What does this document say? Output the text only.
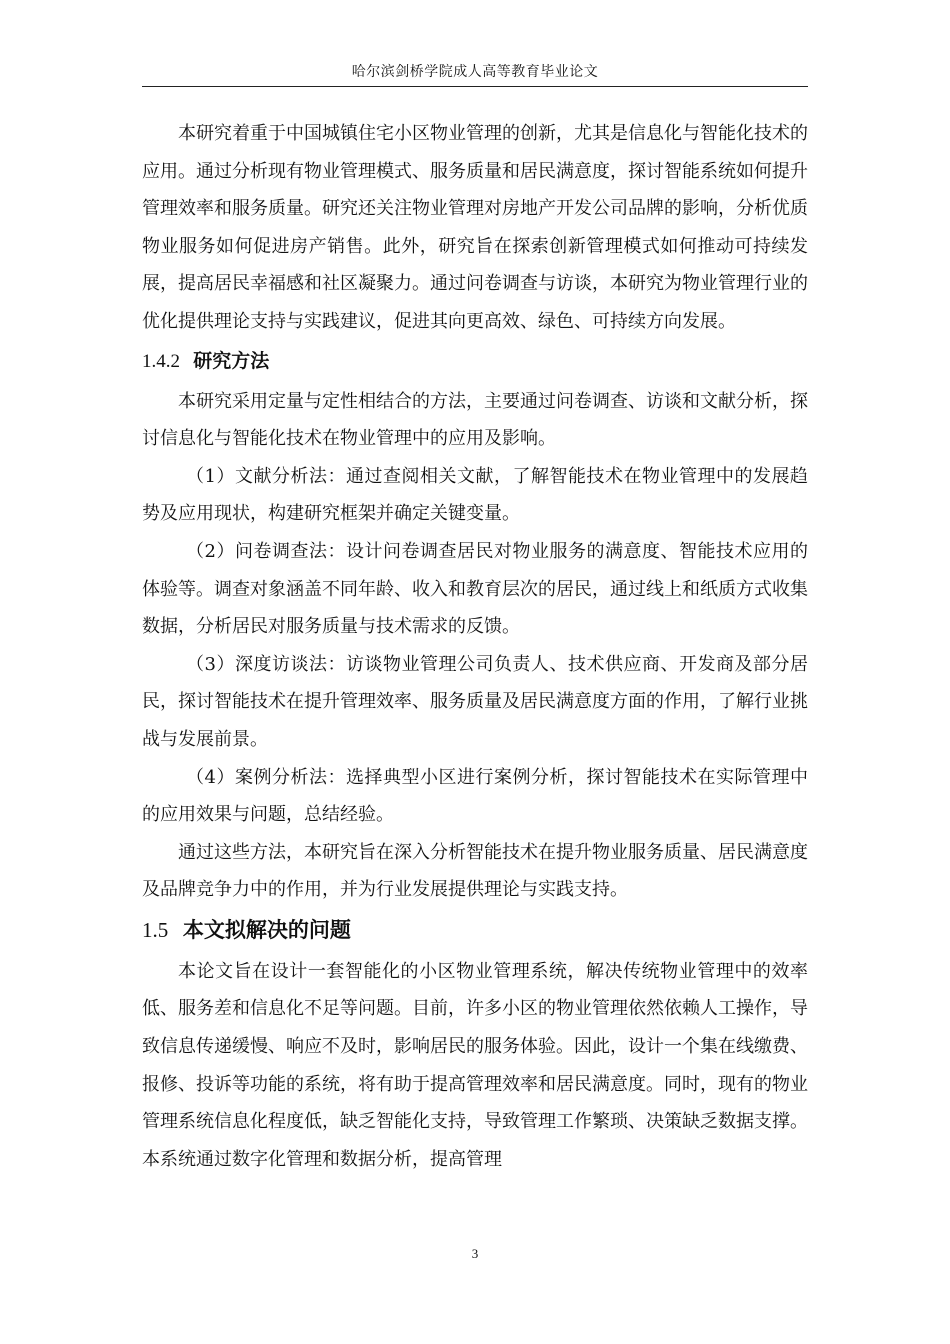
哈尔滨剑桥学院成人高等教育毕业论文

本研究着重于中国城镇住宅小区物业管理的创新，尤其是信息化与智能化技术的应用。通过分析现有物业管理模式、服务质量和居民满意度，探讨智能系统如何提升管理效率和服务质量。研究还关注物业管理对房地产开发公司品牌的影响，分析优质物业服务如何促进房产销售。此外，研究旨在探索创新管理模式如何推动可持续发展，提高居民幸福感和社区凝聚力。通过问卷调查与访谈，本研究为物业管理行业的优化提供理论支持与实践建议，促进其向更高效、绿色、可持续方向发展。

1.4.2 研究方法

本研究采用定量与定性相结合的方法，主要通过问卷调查、访谈和文献分析，探讨信息化与智能化技术在物业管理中的应用及影响。

（1）文献分析法：通过查阅相关文献，了解智能技术在物业管理中的发展趋势及应用现状，构建研究框架并确定关键变量。

（2）问卷调查法：设计问卷调查居民对物业服务的满意度、智能技术应用的体验等。调查对象涵盖不同年龄、收入和教育层次的居民，通过线上和纸质方式收集数据，分析居民对服务质量与技术需求的反馈。

（3）深度访谈法：访谈物业管理公司负责人、技术供应商、开发商及部分居民，探讨智能技术在提升管理效率、服务质量及居民满意度方面的作用，了解行业挑战与发展前景。

（4）案例分析法：选择典型小区进行案例分析，探讨智能技术在实际管理中的应用效果与问题，总结经验。

通过这些方法，本研究旨在深入分析智能技术在提升物业服务质量、居民满意度及品牌竞争力中的作用，并为行业发展提供理论与实践支持。

1.5 本文拟解决的问题

本论文旨在设计一套智能化的小区物业管理系统，解决传统物业管理中的效率低、服务差和信息化不足等问题。目前，许多小区的物业管理依然依赖人工操作，导致信息传递缓慢、响应不及时，影响居民的服务体验。因此，设计一个集在线缴费、报修、投诉等功能的系统，将有助于提高管理效率和居民满意度。同时，现有的物业管理系统信息化程度低，缺乏智能化支持，导致管理工作繁琐、决策缺乏数据支撑。本系统通过数字化管理和数据分析，提高管理

3
